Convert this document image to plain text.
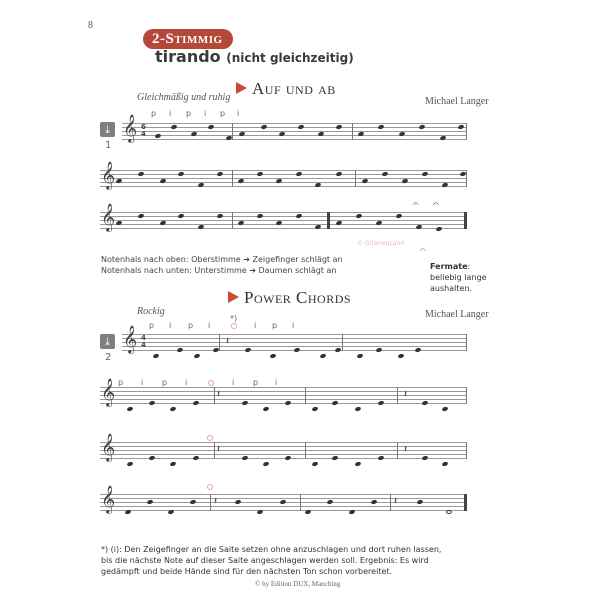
8
2-Stimmig
tirando (nicht gleichzeitig)
Auf und ab
Gleichmäßig und ruhig	Michael Langer
p i p i p i
⤓
1
𝄞 6
4
𝄞
𝄞	𝄐 𝄐
© GitarrenLand
Notenhals nach oben: Oberstimme ➔ Zeigefinger schlägt an
Notenhals nach unten: Unterstimme ➔ Daumen schlägt an
𝄐
Fermate:
beliebig lange
aushalten.
Power Chords
Rockig	Michael Langer
*)
p i p i	i p i
⤓
2
𝄞 4
4	𝄽
p i p i	i p i
𝄞	𝄽	𝄽
𝄞	𝄽	𝄽
𝄞	𝄽	𝄽
*) (i): Den Zeigefinger an die Saite setzen ohne anzuschlagen und dort ruhen lassen, bis die nächste Note auf dieser Saite angeschlagen werden soll. Ergebnis: Es wird gedämpft und beide Hände sind für den nächsten Ton schon vorbereitet.
© by Edition DUX, Manching
